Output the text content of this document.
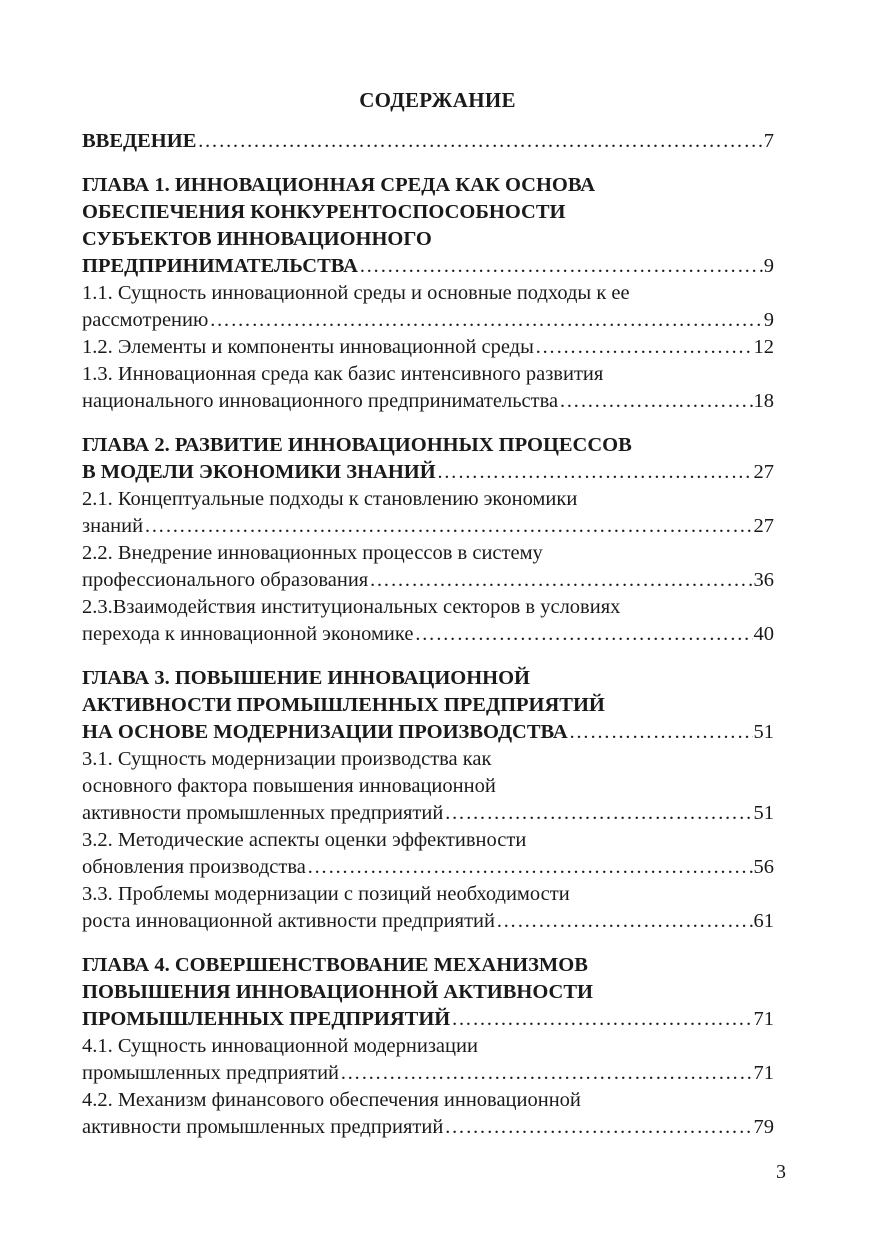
СОДЕРЖАНИЕ
ВВЕДЕНИЕ ……………………………………………………………………………………………………………………………………	7
ГЛАВА 1. ИННОВАЦИОННАЯ СРЕДА КАК ОСНОВА
ОБЕСПЕЧЕНИЯ КОНКУРЕНТОСПОСОБНОСТИ
СУБЪЕКТОВ ИННОВАЦИОННОГО
ПРЕДПРИНИМАТЕЛЬСТВА ……………………………………………………………………………………………………………………………………	9
1.1. Сущность инновационной среды и основные подходы к ее
рассмотрению ……………………………………………………………………………………………………………………………………	9
1.2. Элементы и компоненты инновационной среды ……………………………………………………………………………………………………………………………………	12
1.3. Инновационная среда как базис интенсивного развития
национального инновационного предпринимательства ……………………………………………………………………………………………………………………………………	18
ГЛАВА 2. РАЗВИТИЕ ИННОВАЦИОННЫХ ПРОЦЕССОВ
В МОДЕЛИ ЭКОНОМИКИ ЗНАНИЙ ……………………………………………………………………………………………………………………………………	27
2.1. Концептуальные подходы к становлению экономики
знаний ……………………………………………………………………………………………………………………………………	27
2.2. Внедрение инновационных процессов в систему
профессионального образования ……………………………………………………………………………………………………………………………………	36
2.3.Взаимодействия институциональных секторов в условиях
перехода к инновационной экономике ……………………………………………………………………………………………………………………………………	40
ГЛАВА 3. ПОВЫШЕНИЕ ИННОВАЦИОННОЙ
АКТИВНОСТИ ПРОМЫШЛЕННЫХ ПРЕДПРИЯТИЙ
НА ОСНОВЕ МОДЕРНИЗАЦИИ ПРОИЗВОДСТВА ……………………………………………………………………………………………………………………………………	51
3.1. Сущность модернизации производства как
основного фактора повышения инновационной
активности промышленных предприятий ……………………………………………………………………………………………………………………………………	51
3.2. Методические аспекты оценки эффективности
обновления производства ……………………………………………………………………………………………………………………………………	56
3.3. Проблемы модернизации с позиций необходимости
роста инновационной активности предприятий ……………………………………………………………………………………………………………………………………	61
ГЛАВА 4. СОВЕРШЕНСТВОВАНИЕ МЕХАНИЗМОВ
ПОВЫШЕНИЯ ИННОВАЦИОННОЙ АКТИВНОСТИ
ПРОМЫШЛЕННЫХ ПРЕДПРИЯТИЙ ……………………………………………………………………………………………………………………………………	71
4.1. Сущность инновационной модернизации
промышленных предприятий ……………………………………………………………………………………………………………………………………	71
4.2. Механизм финансового обеспечения инновационной
активности промышленных предприятий ……………………………………………………………………………………………………………………………………	79
3
